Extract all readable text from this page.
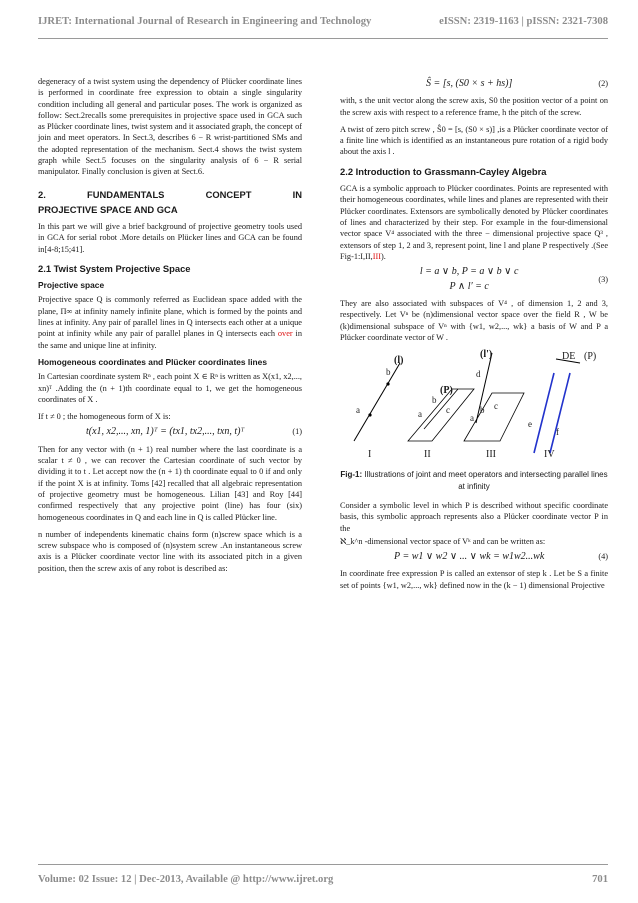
IJRET: International Journal of Research in Engineering and Technology	eISSN: 2319-1163 | pISSN: 2321-7308

degeneracy of a twist system using the dependency of Plücker coordinate lines is performed in coordinate free expression to obtain a single singularity condition including all general and particular poses. The work is organized as follow: Sect.2recalls some prerequisites in projective space used in GCA such as Plücker coordinate lines, twist system and it associated graph, the concept of join and meet operators. In Sect.3, describes 6 − R wrist-partitioned SMs and the adopted representation of the mechanism. Sect.4 shows the twist system graph while Sect.5 focuses on the singularity analysis of 6 − R serial manipulator. Finally conclusion is given at Sect.6.

2.	FUNDAMENTALS	CONCEPT	IN
PROJECTIVE SPACE AND GCA

In this part we will give a brief background of projective geometry tools used in GCA for serial robot .More details on Plücker lines and GCA can be found in[4-8;15;41].

2.1 Twist System Projective Space
Projective space

Projective space Q is commonly referred as Euclidean space added with the plane, Π∞ at infinity namely infinite plane, which is formed by the points and lines at infinity. Any pair of parallel lines in Q intersects each other at a unique point at infinity while any pair of parallel planes in Q intersects each over in the same and unique line at infinity.

Homogeneous coordinates and Plücker coordinates lines

In Cartesian coordinate system Rⁿ , each point X ∈ Rⁿ is written as X(x1, x2,..., xn)ᵀ .Adding the (n + 1)th coordinate equal to 1, we get the homogeneous coordinates of X .

If t ≠ 0 ; the homogeneous form of X is:

t(x1, x2,..., xn, 1)ᵀ = (tx1, tx2,..., txn, t)ᵀ	(1)

Then for any vector with (n + 1) real number where the last coordinate is a scalar t ≠ 0 , we can recover the Cartesian coordinate of such vector by dividing it to t . Let accept now the (n + 1) th coordinate equal to 0 if and only if the point X is at infinity. Toms [42] recalled that all algebraic representation of projective geometry must be homogeneous. Lilian [43] and Roy [44] confirmed respectively that any projective point (line) has four (six) homogeneous coordinates in Q and each line in Q is called Plücker line.

n number of independents kinematic chains form (n)screw space which is a screw subspace who is composed of (n)system screw .An instantaneous screw axis is a Plücker coordinate vector line with its associated pitch in a given position, then the screw axis of any robot is described as:

Ŝ = [s, (S0 × s + hs)]	(2)

with, s the unit vector along the screw axis, S0 the position vector of a point on the screw axis with respect to a reference frame, h the pitch of the screw.

A twist of zero pitch screw , Ŝ0 = [s, (S0 × s)] ,is a Plücker coordinate vector of a finite line which is identified as an instantaneous pure rotation of a rigid body about the axis l .

2.2 Introduction to Grassmann-Cayley Algebra

GCA is a symbolic approach to Plücker coordinates. Points are represented with their homogeneous coordinates, while lines and planes are represented with their Plücker coordinates. Extensors are symbolically denoted by Plücker coordinates of lines and characterized by their step. For example in the four-dimensional vector space V⁴ associated with the three − dimensional projective space Q³ , extensors of step 1, 2 and 3, represent point, line l and plane P respectively .(See Fig-1:I,II,III).

l = a ∨ b, P = a ∨ b ∨ c
P ∧ l′ = c
(3)

They are also associated with subspaces of V⁴ , of dimension 1, 2 and 3, respectively. Let Vⁿ be (n)dimensional vector space over the field R , W be (k)dimensional subspace of Vⁿ with {w1, w2,..., wk} a basis of W and P a Plücker coordinate vector of W .

b
(l)
a
(l')
d
a
b
c
(P)
a
b c
DE (P)
e
f
I	II	III	IV
Fig-1: Illustrations of joint and meet operators and intersecting parallel lines at infinity

Consider a symbolic level in which P is described without specific coordinate basis, this symbolic approach represents also a Plücker coordinate vector P in the

ℵ_k^n -dimensional vector space of Vᵏ and can be written as:

P = w1 ∨ w2 ∨ ... ∨ wk = w1w2...wk	(4)

In coordinate free expression P is called an extensor of step k . Let be S a finite set of points {w1, w2,..., wk} defined now in the (k − 1) dimensional Projective

Volume: 02 Issue: 12 | Dec-2013, Available @ http://www.ijret.org	701
